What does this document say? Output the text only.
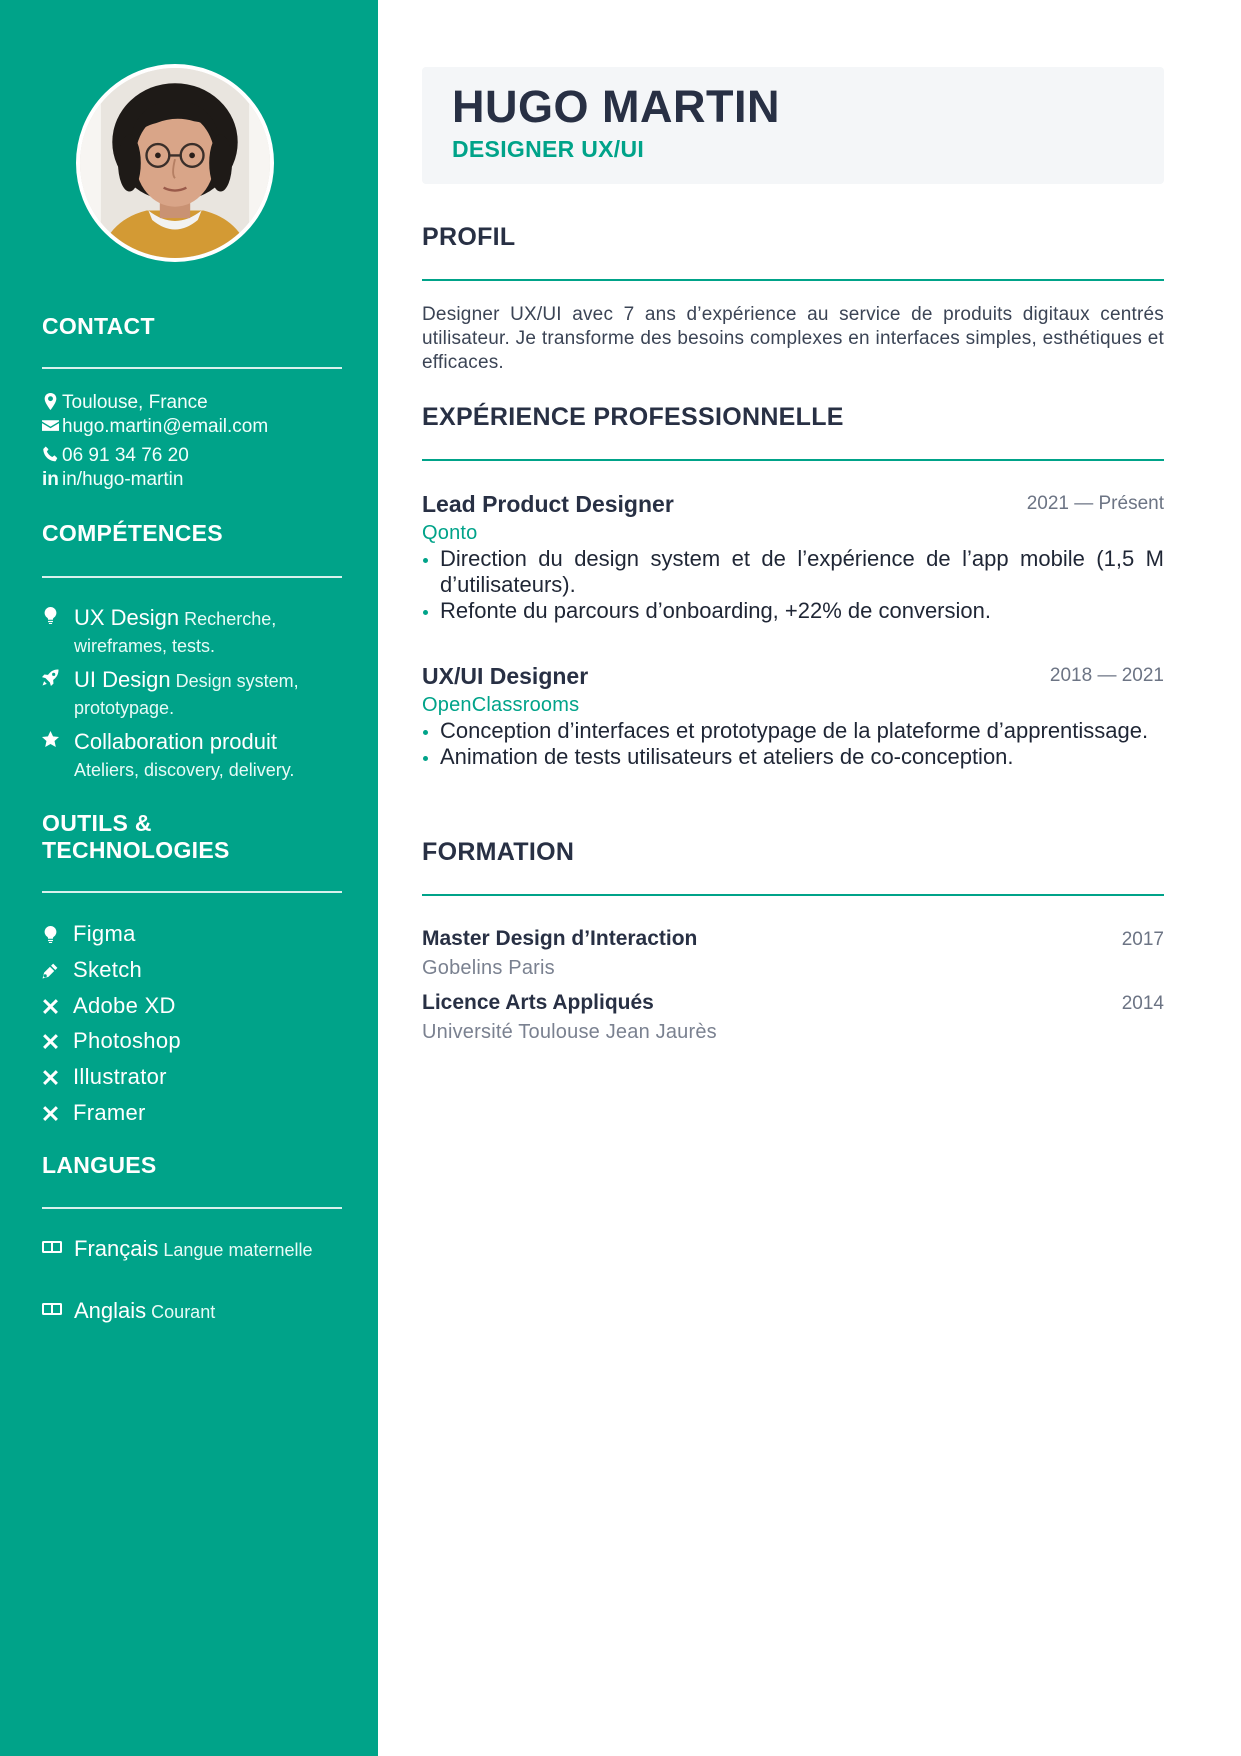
CONTACT
Toulouse, France
hugo.martin@email.com
06 91 34 76 20
in in/hugo-martin
COMPÉTENCES
UX Design Recherche, wireframes, tests.
UI Design Design system, prototypage.
Collaboration produit
Ateliers, discovery, delivery.
OUTILS & TECHNOLOGIES
Figma
Sketch
Adobe XD
Photoshop
Illustrator
Framer
LANGUES
Français Langue maternelle
Anglais Courant
HUGO MARTIN
DESIGNER UX/UI
PROFIL
Designer UX/UI avec 7 ans d’expérience au service de produits digitaux centrés utilisateur. Je transforme des besoins complexes en interfaces simples, esthétiques et efficaces.
EXPÉRIENCE PROFESSIONNELLE
Lead Product Designer	2021 — Présent
Qonto
Direction du design system et de l’expérience de l’app mobile (1,5 M d’utilisateurs).
Refonte du parcours d’onboarding, +22% de conversion.
UX/UI Designer	2018 — 2021
OpenClassrooms
Conception d’interfaces et prototypage de la plateforme d’apprentissage.
Animation de tests utilisateurs et ateliers de co-conception.
FORMATION
Master Design d’Interaction	2017
Gobelins Paris
Licence Arts Appliqués	2014
Université Toulouse Jean Jaurès
